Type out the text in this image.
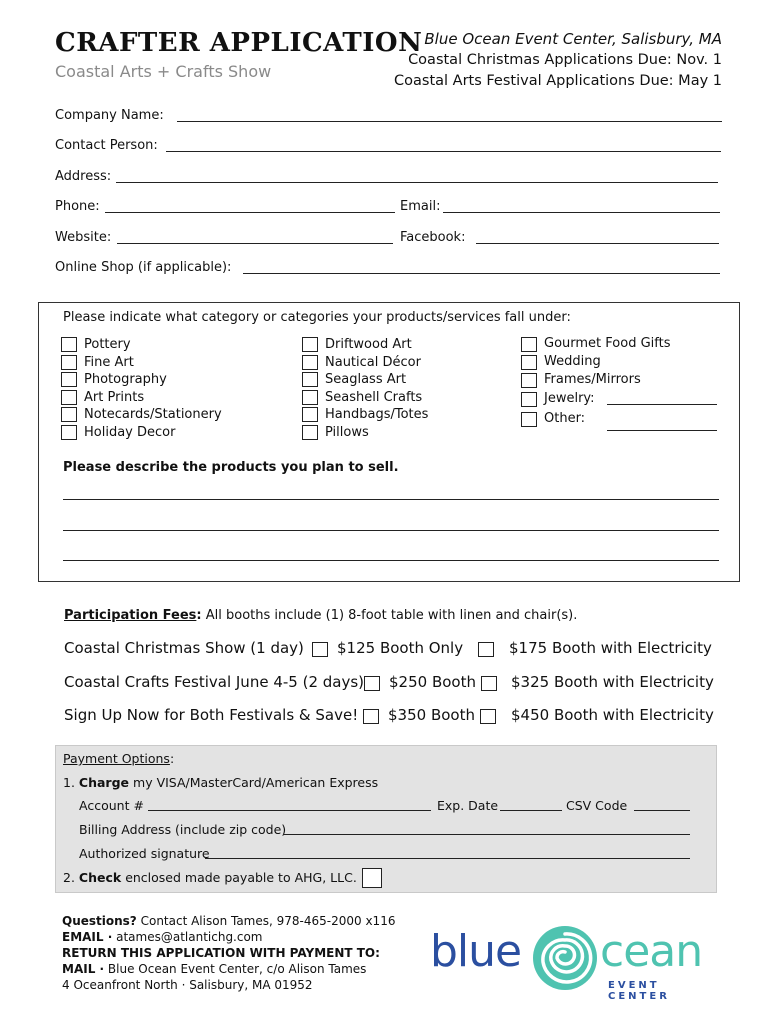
CRAFTER APPLICATION
Coastal Arts + Crafts Show
Blue Ocean Event Center, Salisbury, MA
Coastal Christmas Applications Due: Nov. 1
Coastal Arts Festival Applications Due: May 1
Company Name:
Contact Person:
Address:
Phone:	Email:
Website:	Facebook:
Online Shop (if applicable):
Please indicate what category or categories your products/services fall under:
Pottery
Fine Art
Photography
Art Prints
Notecards/Stationery
Holiday Decor
Driftwood Art
Nautical Décor
Seaglass Art
Seashell Crafts
Handbags/Totes
Pillows
Gourmet Food Gifts
Wedding
Frames/Mirrors
Jewelry:
Other:
Please describe the products you plan to sell.
Participation Fees: All booths include (1) 8-foot table with linen and chair(s).
Coastal Christmas Show (1 day) $125 Booth Only	$175 Booth with Electricity
Coastal Crafts Festival June 4-5 (2 days) $250 Booth $325 Booth with Electricity
Sign Up Now for Both Festivals & Save! $350 Booth $450 Booth with Electricity
Payment Options:
1. Charge my VISA/MasterCard/American Express
Account #	Exp. Date	CSV Code
Billing Address (include zip code)
Authorized signature
2. Check enclosed made payable to AHG, LLC.
Questions? Contact Alison Tames, 978-465-2000 x116
EMAIL · atames@atlantichg.com
RETURN THIS APPLICATION WITH PAYMENT TO:
MAIL · Blue Ocean Event Center, c/o Alison Tames
4 Oceanfront North · Salisbury, MA 01952
blue cean
EVENT CENTER
